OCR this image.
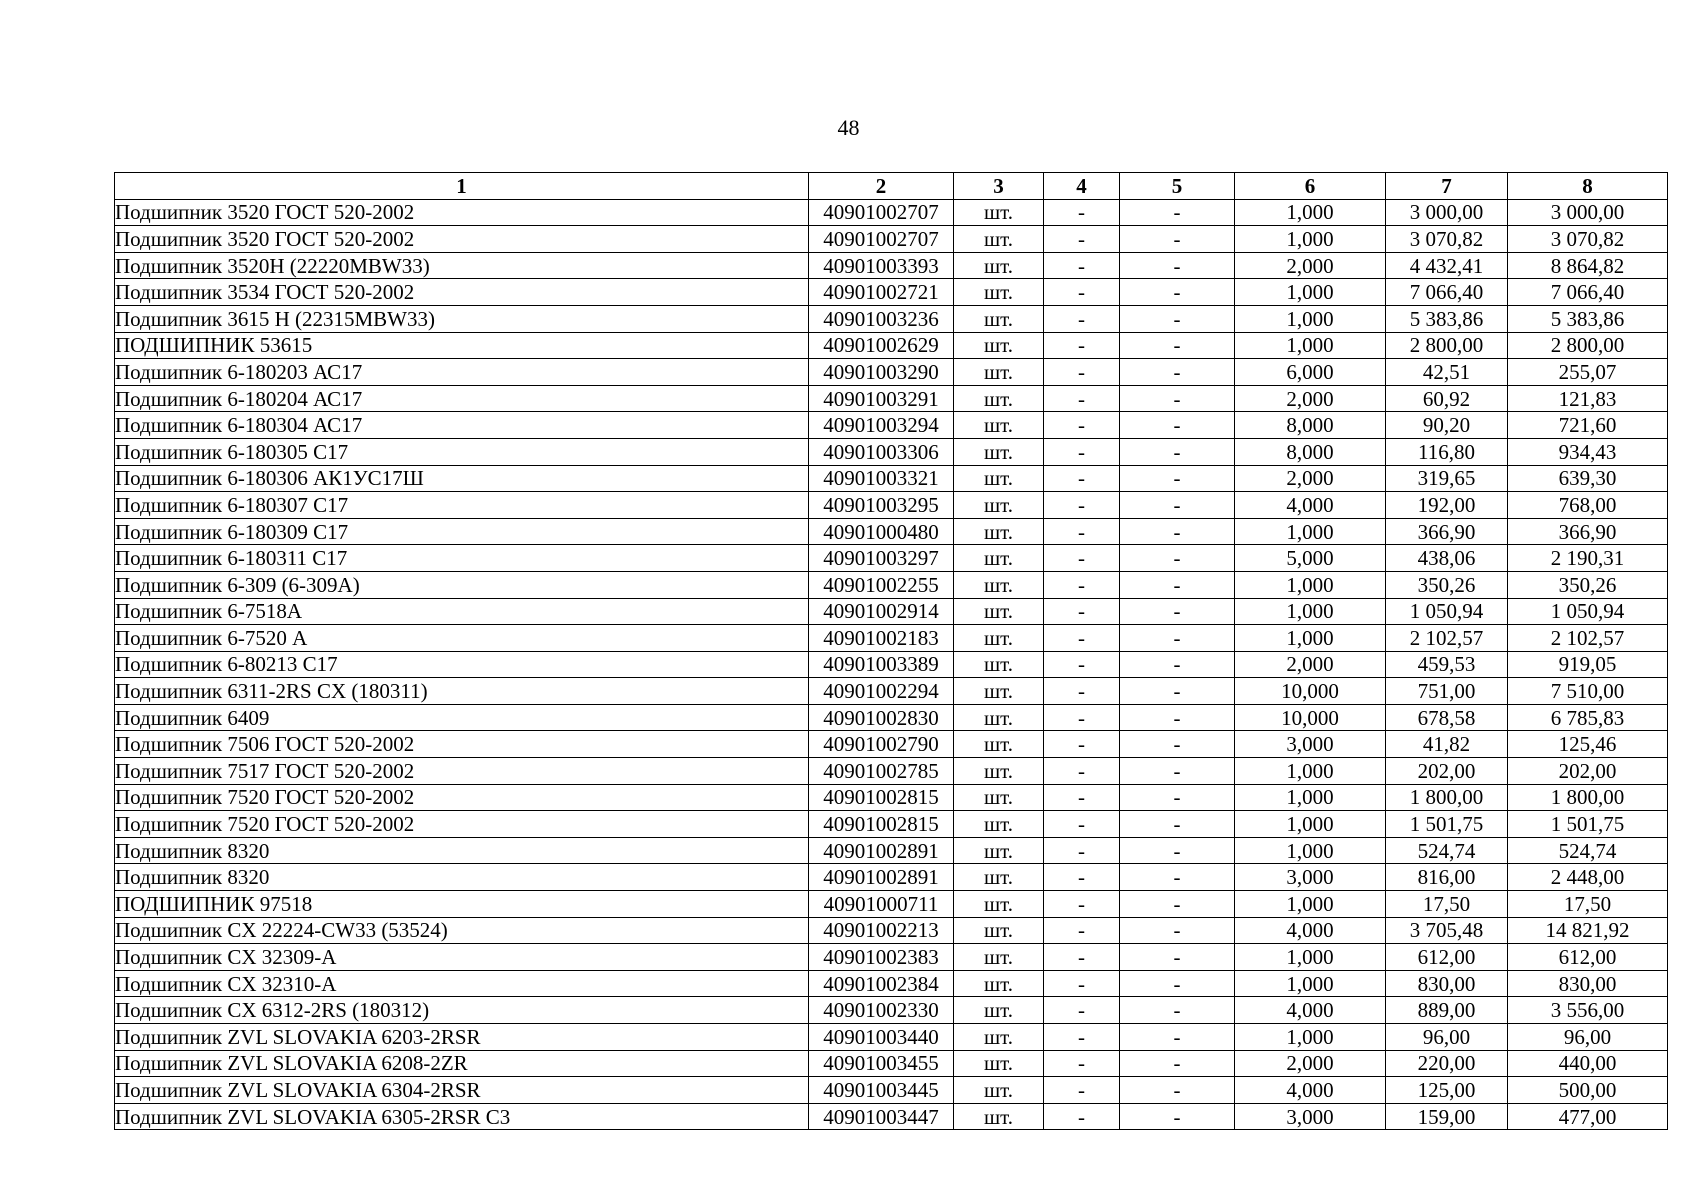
48
1	2	3	4	5	6	7	8
Подшипник 3520 ГОСТ 520-2002	40901002707	шт.	-	-	1,000	3 000,00	3 000,00
Подшипник 3520 ГОСТ 520-2002	40901002707	шт.	-	-	1,000	3 070,82	3 070,82
Подшипник 3520Н (22220MBW33)	40901003393	шт.	-	-	2,000	4 432,41	8 864,82
Подшипник 3534 ГОСТ 520-2002	40901002721	шт.	-	-	1,000	7 066,40	7 066,40
Подшипник 3615 Н (22315MBW33)	40901003236	шт.	-	-	1,000	5 383,86	5 383,86
ПОДШИПНИК 53615	40901002629	шт.	-	-	1,000	2 800,00	2 800,00
Подшипник 6-180203 АС17	40901003290	шт.	-	-	6,000	42,51	255,07
Подшипник 6-180204 АС17	40901003291	шт.	-	-	2,000	60,92	121,83
Подшипник 6-180304 АС17	40901003294	шт.	-	-	8,000	90,20	721,60
Подшипник 6-180305 С17	40901003306	шт.	-	-	8,000	116,80	934,43
Подшипник 6-180306 АК1УС17Ш	40901003321	шт.	-	-	2,000	319,65	639,30
Подшипник 6-180307 С17	40901003295	шт.	-	-	4,000	192,00	768,00
Подшипник 6-180309 С17	40901000480	шт.	-	-	1,000	366,90	366,90
Подшипник 6-180311 С17	40901003297	шт.	-	-	5,000	438,06	2 190,31
Подшипник 6-309 (6-309А)	40901002255	шт.	-	-	1,000	350,26	350,26
Подшипник 6-7518А	40901002914	шт.	-	-	1,000	1 050,94	1 050,94
Подшипник 6-7520 А	40901002183	шт.	-	-	1,000	2 102,57	2 102,57
Подшипник 6-80213 С17	40901003389	шт.	-	-	2,000	459,53	919,05
Подшипник 6311-2RS CX (180311)	40901002294	шт.	-	-	10,000	751,00	7 510,00
Подшипник 6409	40901002830	шт.	-	-	10,000	678,58	6 785,83
Подшипник 7506 ГОСТ 520-2002	40901002790	шт.	-	-	3,000	41,82	125,46
Подшипник 7517 ГОСТ 520-2002	40901002785	шт.	-	-	1,000	202,00	202,00
Подшипник 7520 ГОСТ 520-2002	40901002815	шт.	-	-	1,000	1 800,00	1 800,00
Подшипник 7520 ГОСТ 520-2002	40901002815	шт.	-	-	1,000	1 501,75	1 501,75
Подшипник 8320	40901002891	шт.	-	-	1,000	524,74	524,74
Подшипник 8320	40901002891	шт.	-	-	3,000	816,00	2 448,00
ПОДШИПНИК 97518	40901000711	шт.	-	-	1,000	17,50	17,50
Подшипник CX 22224-CW33 (53524)	40901002213	шт.	-	-	4,000	3 705,48	14 821,92
Подшипник CX 32309-A	40901002383	шт.	-	-	1,000	612,00	612,00
Подшипник CX 32310-A	40901002384	шт.	-	-	1,000	830,00	830,00
Подшипник CX 6312-2RS (180312)	40901002330	шт.	-	-	4,000	889,00	3 556,00
Подшипник ZVL SLOVAKIA 6203-2RSR	40901003440	шт.	-	-	1,000	96,00	96,00
Подшипник ZVL SLOVAKIA 6208-2ZR	40901003455	шт.	-	-	2,000	220,00	440,00
Подшипник ZVL SLOVAKIA 6304-2RSR	40901003445	шт.	-	-	4,000	125,00	500,00
Подшипник ZVL SLOVAKIA 6305-2RSR C3	40901003447	шт.	-	-	3,000	159,00	477,00
